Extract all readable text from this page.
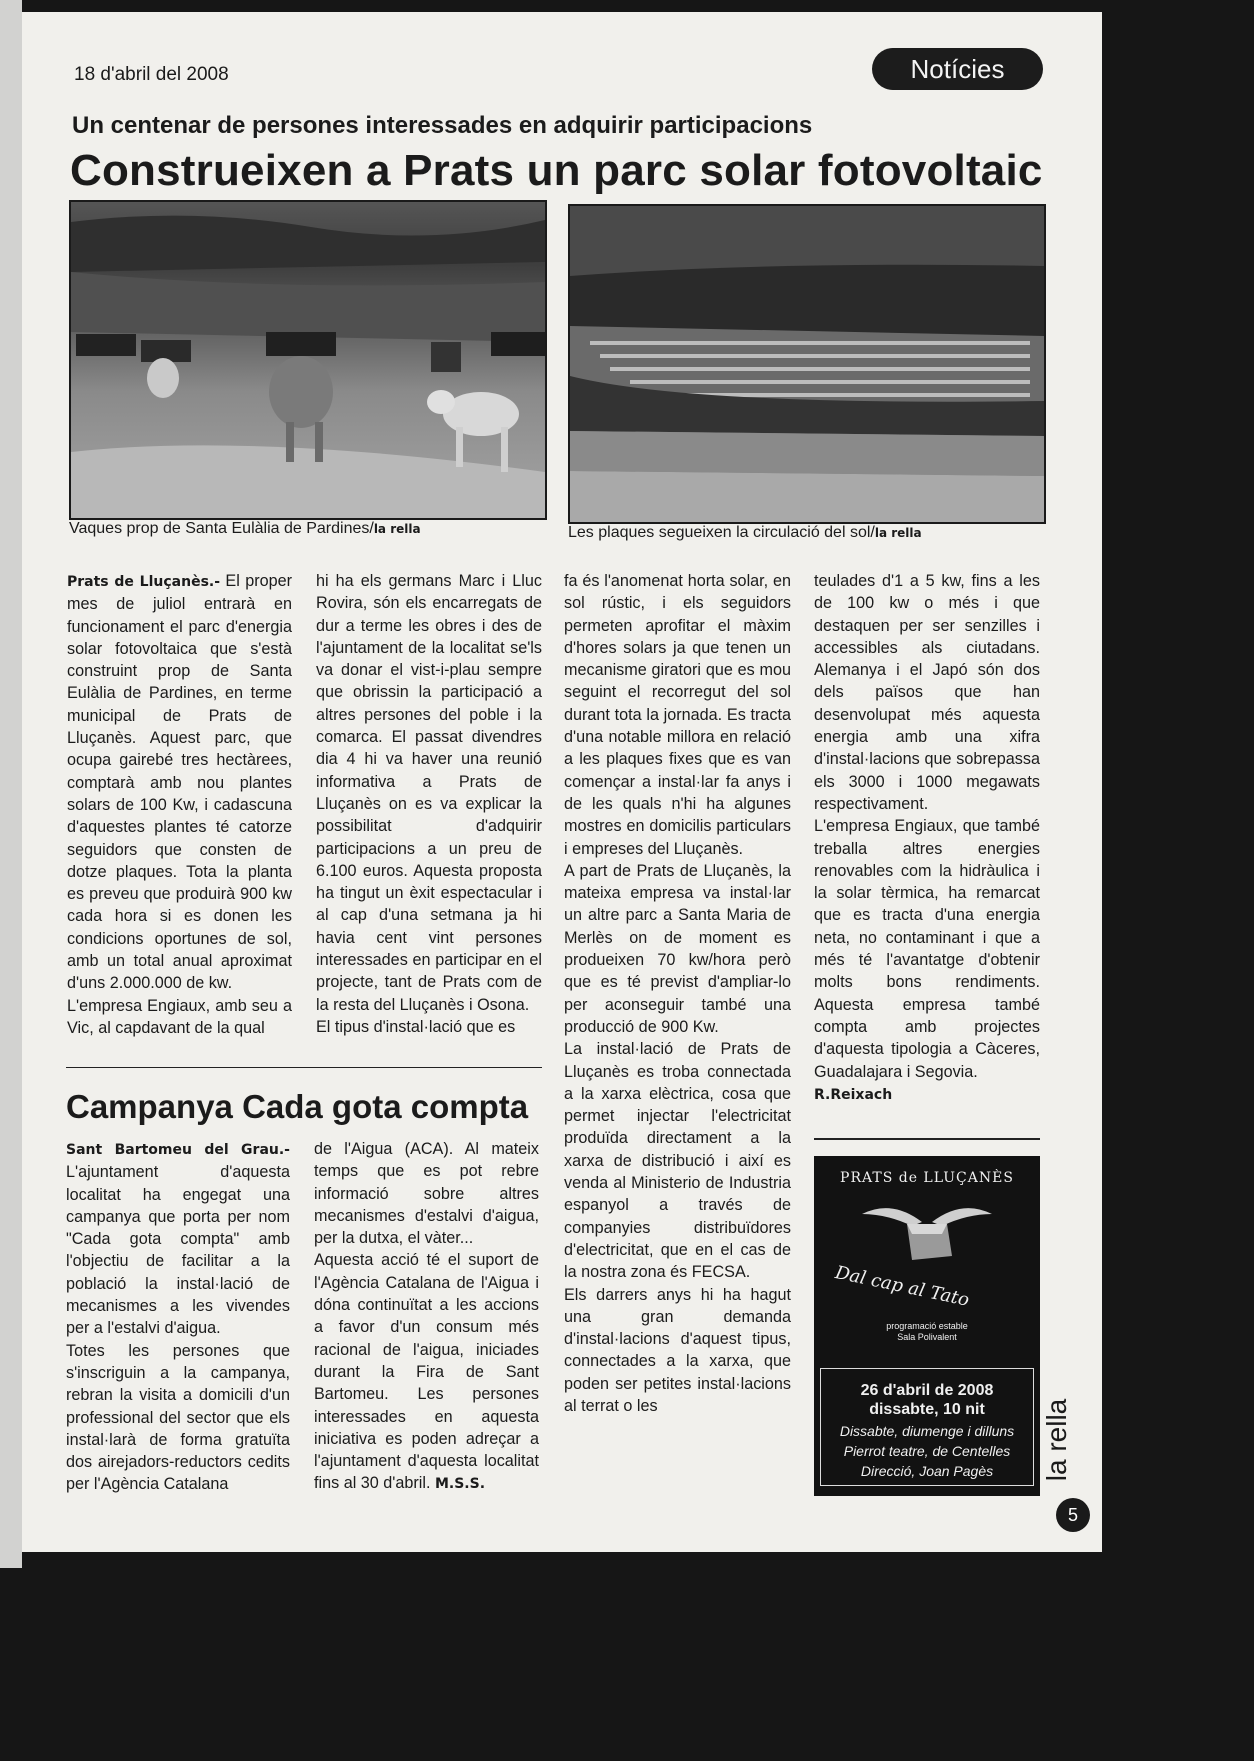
18 d'abril del 2008	Notícies
Un centenar de persones interessades en adquirir participacions
Construeixen a Prats un parc solar fotovoltaic
Vaques prop de Santa Eulàlia de Pardines/la rella	Les plaques segueixen la circulació del sol/la rella

Prats de Lluçanès.- El proper mes de juliol entrarà en funcionament el parc d'energia solar fotovoltaica que s'està construint prop de Santa Eulàlia de Pardines, en terme municipal de Prats de Lluçanès. Aquest parc, que ocupa gairebé tres hectàrees, comptarà amb nou plantes solars de 100 Kw, i cadascuna d'aquestes plantes té catorze seguidors que consten de dotze plaques. Tota la planta es preveu que produirà 900 kw cada hora si es donen les condicions oportunes de sol, amb un total anual aproximat d'uns 2.000.000 de kw.

L'empresa Engiaux, amb seu a Vic, al capdavant de la qual

hi ha els germans Marc i Lluc Rovira, són els encarregats de dur a terme les obres i des de l'ajuntament de la localitat se'ls va donar el vist-i-plau sempre que obrissin la participació a altres persones del poble i la comarca. El passat divendres dia 4 hi va haver una reunió informativa a Prats de Lluçanès on es va explicar la possibilitat d'adquirir participacions a un preu de 6.100 euros. Aquesta proposta ha tingut un èxit espectacular i al cap d'una setmana ja hi havia cent vint persones interessades en participar en el projecte, tant de Prats com de la resta del Lluçanès i Osona.

El tipus d'instal·lació que es

fa és l'anomenat horta solar, en sol rústic, i els seguidors permeten aprofitar el màxim d'hores solars ja que tenen un mecanisme giratori que es mou seguint el recorregut del sol durant tota la jornada. Es tracta d'una notable millora en relació a les plaques fixes que es van començar a instal·lar fa anys i de les quals n'hi ha algunes mostres en domicilis particulars i empreses del Lluçanès.

A part de Prats de Lluçanès, la mateixa empresa va instal·lar un altre parc a Santa Maria de Merlès on de moment es produeixen 70 kw/hora però que es té previst d'ampliar-lo per aconseguir també una producció de 900 Kw.

La instal·lació de Prats de Lluçanès es troba connectada a la xarxa elèctrica, cosa que permet injectar l'electricitat produïda directament a la xarxa de distribució i així es venda al Ministerio de Industria espanyol a través de companyies distribuïdores d'electricitat, que en el cas de la nostra zona és FECSA.

Els darrers anys hi ha hagut una gran demanda d'instal·lacions d'aquest tipus, connectades a la xarxa, que poden ser petites instal·lacions al terrat o les

teulades d'1 a 5 kw, fins a les de 100 kw o més i que destaquen per ser senzilles i accessibles als ciutadans. Alemanya i el Japó són dos dels països que han desenvolupat més aquesta energia amb una xifra d'instal·lacions que sobrepassa els 3000 i 1000 megawats respectivament.

L'empresa Engiaux, que també treballa altres energies renovables com la hidràulica i la solar tèrmica, ha remarcat que es tracta d'una energia neta, no contaminant i que a més té l'avantatge d'obtenir molts bons rendiments. Aquesta empresa també compta amb projectes d'aquesta tipologia a Càceres, Guadalajara i Segovia.

R.Reixach

Campanya Cada gota compta

Sant Bartomeu del Grau.- L'ajuntament d'aquesta localitat ha engegat una campanya que porta per nom "Cada gota compta" amb l'objectiu de facilitar a la població la instal·lació de mecanismes a les vivendes per a l'estalvi d'aigua.

Totes les persones que s'inscriguin a la campanya, rebran la visita a domicili d'un professional del sector que els instal·larà de forma gratuïta dos airejadors-reductors cedits per l'Agència Catalana

de l'Aigua (ACA). Al mateix temps que es pot rebre informació sobre altres mecanismes d'estalvi d'aigua, per la dutxa, el vàter...

Aquesta acció té el suport de l'Agència Catalana de l'Aigua i dóna continuïtat a les accions a favor d'un consum més racional de l'aigua, iniciades durant la Fira de Sant Bartomeu. Les persones interessades en aquesta iniciativa es poden adreçar a l'ajuntament d'aquesta localitat fins al 30 d'abril. M.S.S.

PRATS de LLUÇANÈS
Dal cap al Tato
programació estable
Sala Polivalent
26 d'abril de 2008
dissabte, 10 nit
Dissabte, diumenge i dilluns
Pierrot teatre, de Centelles
Direcció, Joan Pagès	la rella
5
